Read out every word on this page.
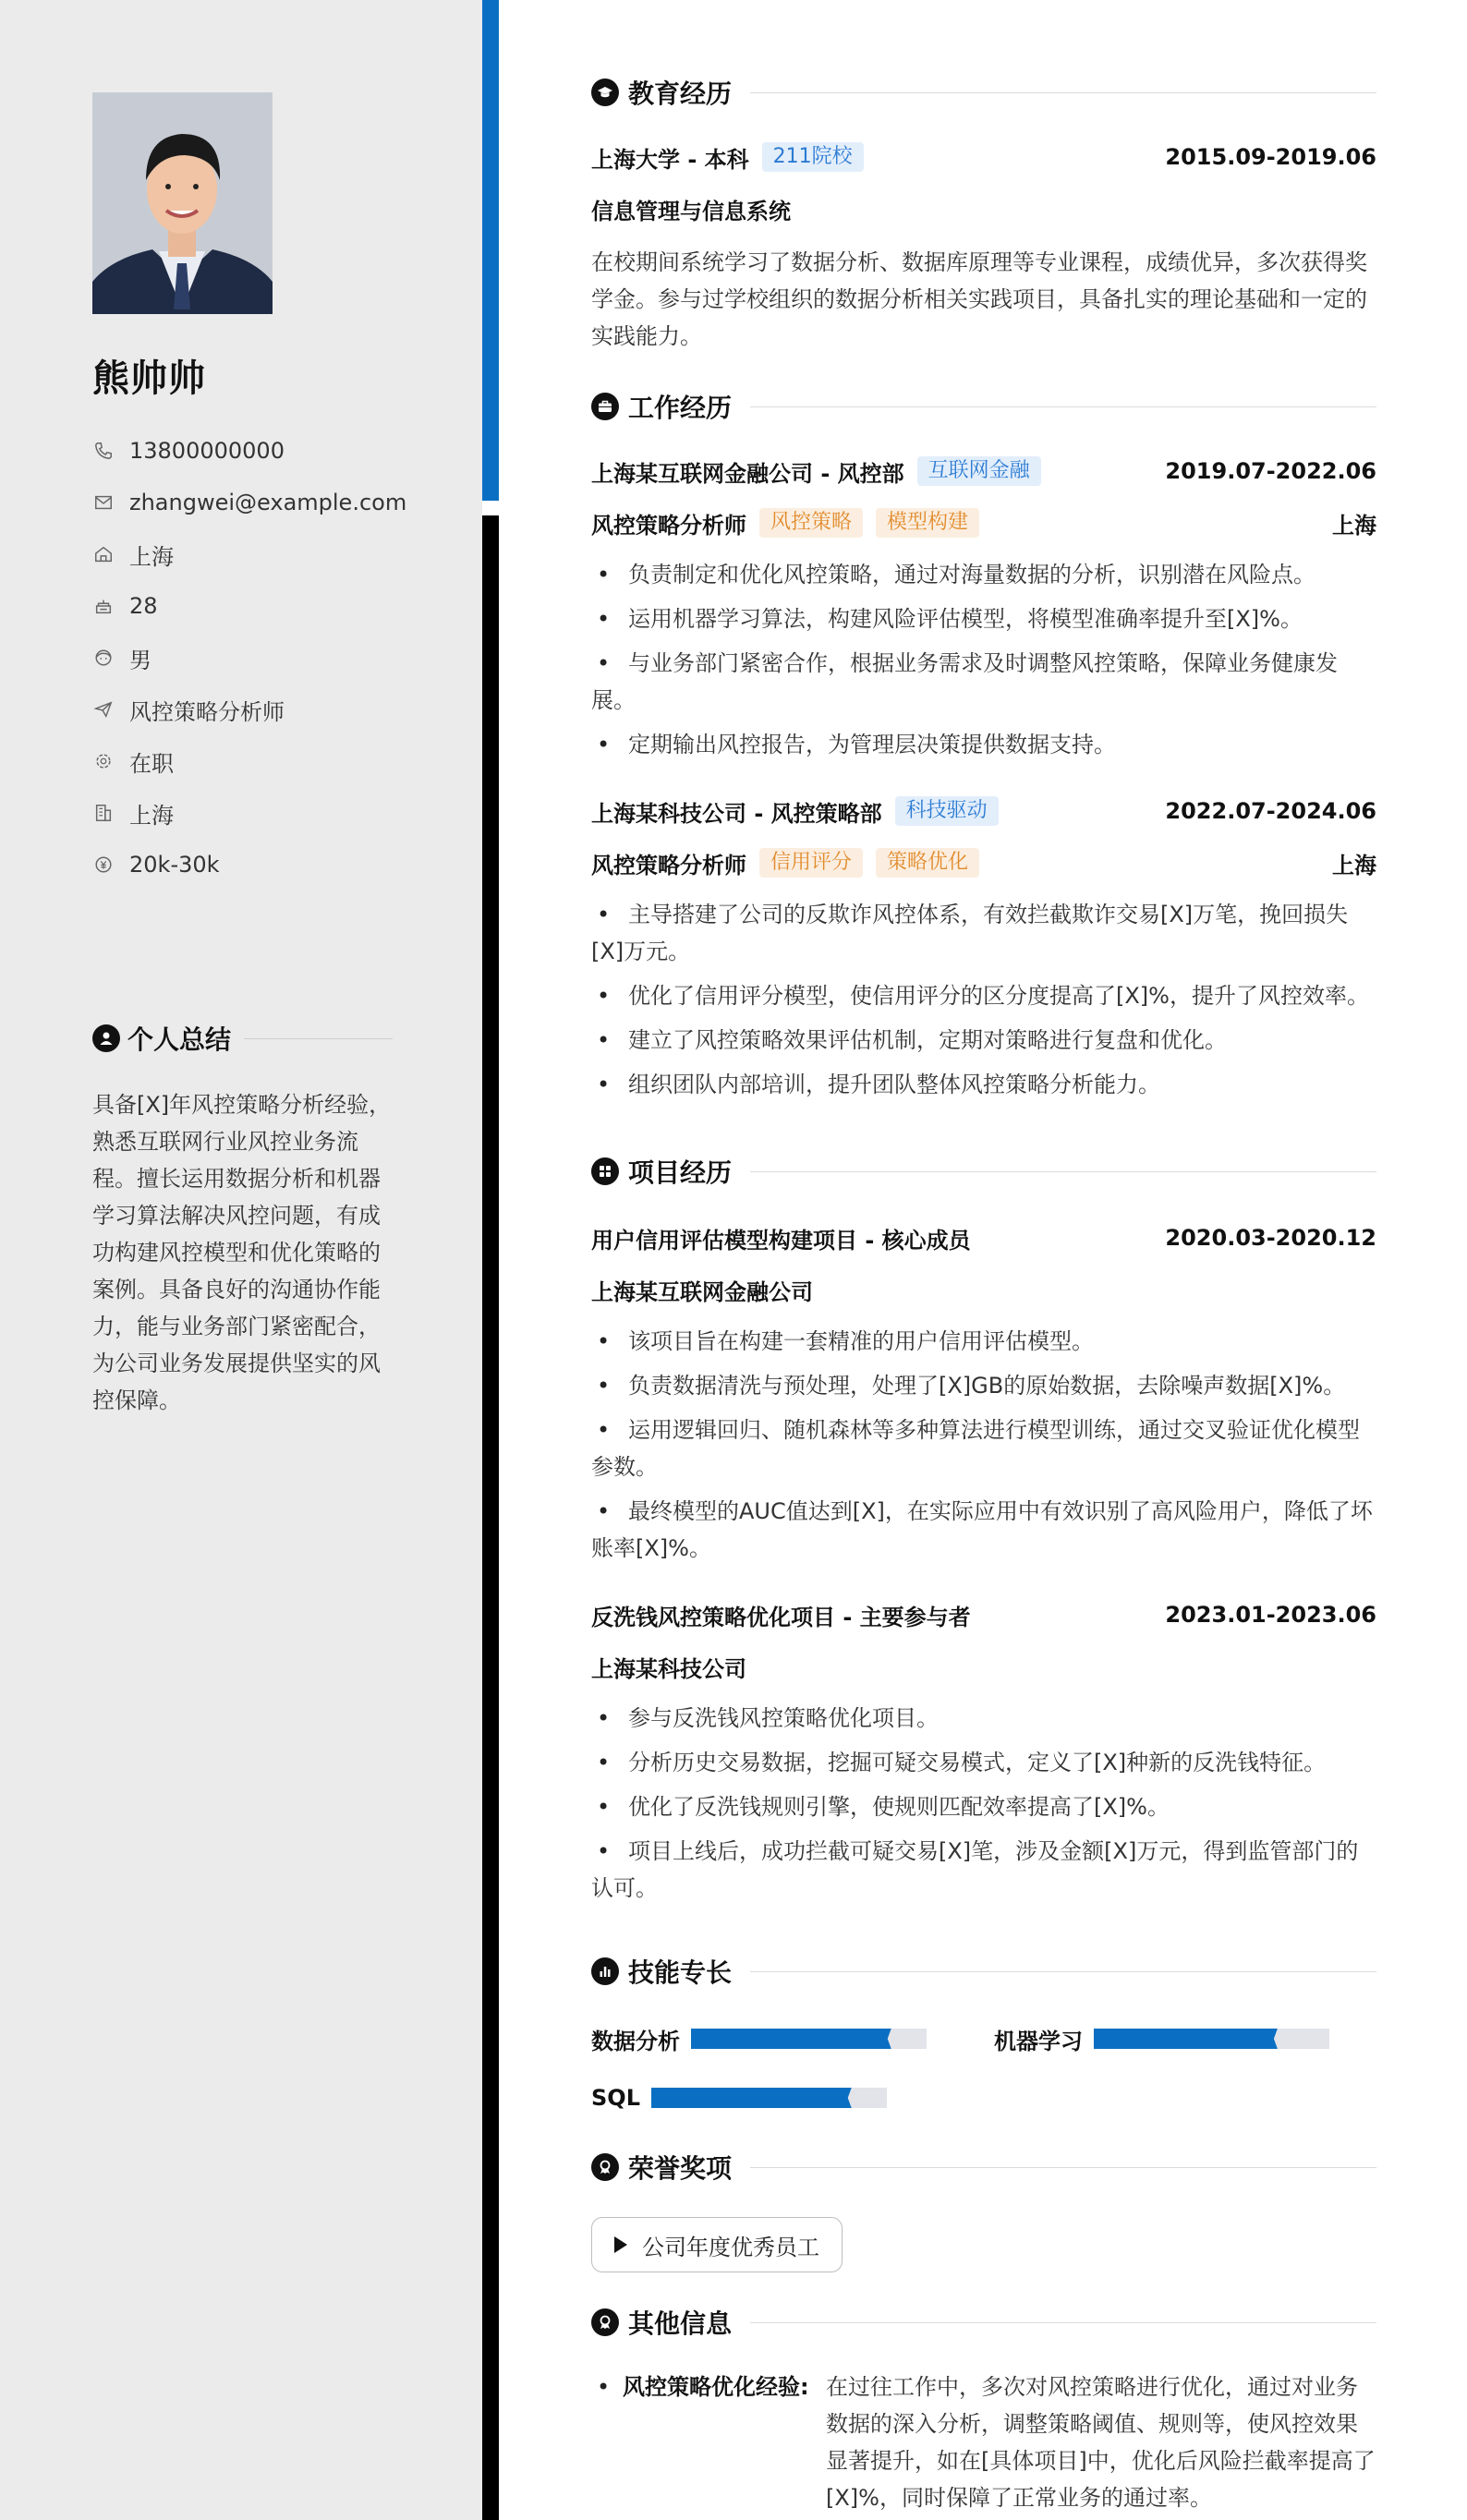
熊帅帅
13800000000
zhangwei@example.com
上海
28
男
风控策略分析师
在职
上海
20k-30k
个人总结
具备[X]年风控策略分析经验，熟悉互联网行业风控业务流程。擅长运用数据分析和机器学习算法解决风控问题，有成功构建风控模型和优化策略的案例。具备良好的沟通协作能力，能与业务部门紧密配合，为公司业务发展提供坚实的风控保障。
教育经历
上海大学 - 本科	211院校	2015.09-2019.06
信息管理与信息系统
在校期间系统学习了数据分析、数据库原理等专业课程，成绩优异，多次获得奖学金。参与过学校组织的数据分析相关实践项目，具备扎实的理论基础和一定的实践能力。
工作经历
上海某互联网金融公司 - 风控部	互联网金融	2019.07-2022.06
风控策略分析师	风控策略	模型构建	上海
• 负责制定和优化风控策略，通过对海量数据的分析，识别潜在风险点。
• 运用机器学习算法，构建风险评估模型，将模型准确率提升至[X]%。
• 与业务部门紧密合作，根据业务需求及时调整风控策略，保障业务健康发展。
• 定期输出风控报告，为管理层决策提供数据支持。
上海某科技公司 - 风控策略部	科技驱动	2022.07-2024.06
风控策略分析师	信用评分	策略优化	上海
• 主导搭建了公司的反欺诈风控体系，有效拦截欺诈交易[X]万笔，挽回损失[X]万元。
• 优化了信用评分模型，使信用评分的区分度提高了[X]%，提升了风控效率。
• 建立了风控策略效果评估机制，定期对策略进行复盘和优化。
• 组织团队内部培训，提升团队整体风控策略分析能力。
项目经历
用户信用评估模型构建项目 - 核心成员	2020.03-2020.12
上海某互联网金融公司
• 该项目旨在构建一套精准的用户信用评估模型。
• 负责数据清洗与预处理，处理了[X]GB的原始数据，去除噪声数据[X]%。
• 运用逻辑回归、随机森林等多种算法进行模型训练，通过交叉验证优化模型参数。
• 最终模型的AUC值达到[X]，在实际应用中有效识别了高风险用户，降低了坏账率[X]%。
反洗钱风控策略优化项目 - 主要参与者	2023.01-2023.06
上海某科技公司
• 参与反洗钱风控策略优化项目。
• 分析历史交易数据，挖掘可疑交易模式，定义了[X]种新的反洗钱特征。
• 优化了反洗钱规则引擎，使规则匹配效率提高了[X]%。
• 项目上线后，成功拦截可疑交易[X]笔，涉及金额[X]万元，得到监管部门的认可。
技能专长
数据分析	机器学习
SQL
荣誉奖项
公司年度优秀员工
其他信息
• 风控策略优化经验: 在过往工作中，多次对风控策略进行优化，通过对业务数据的深入分析，调整策略阈值、规则等，使风控效果显著提升，如在[具体项目]中，优化后风险拦截率提高了[X]%，同时保障了正常业务的通过率。
